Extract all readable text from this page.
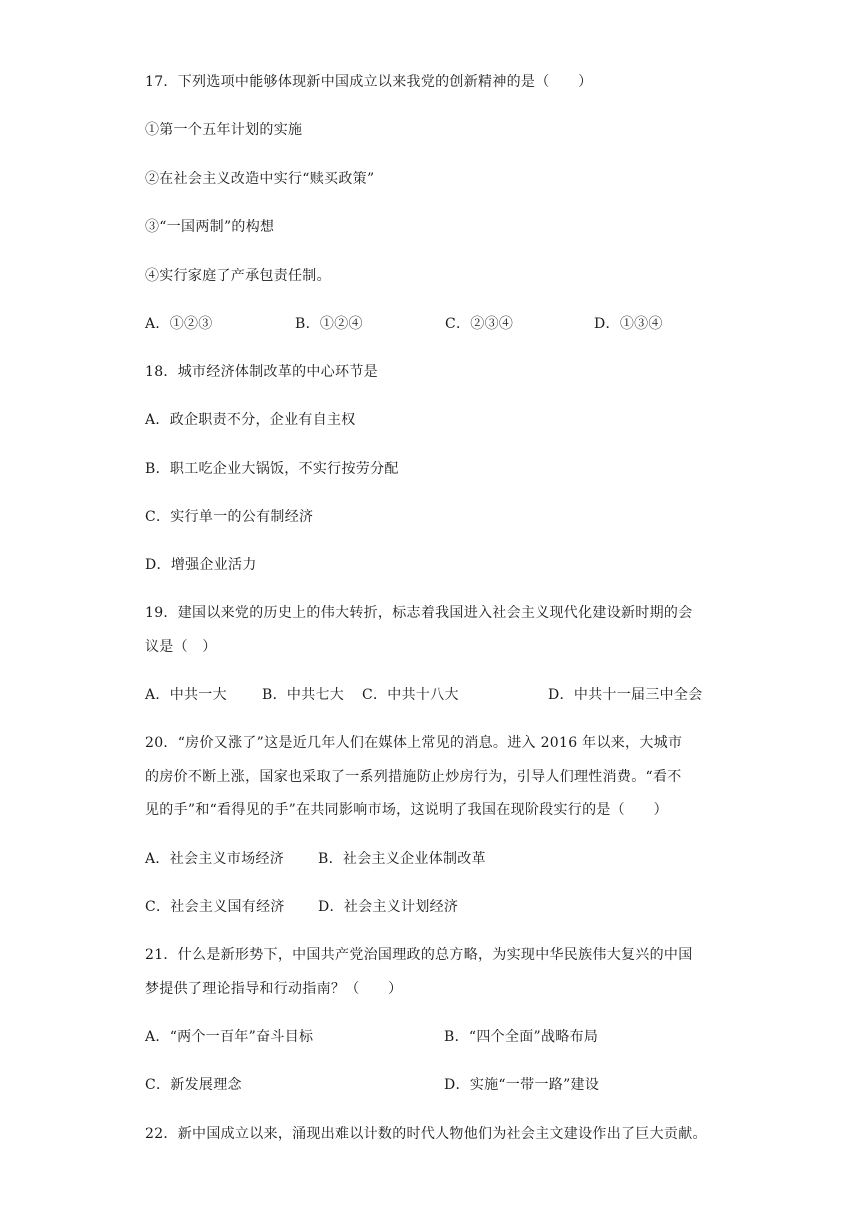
17．下列选项中能够体现新中国成立以来我党的创新精神的是（　　）
①第一个五年计划的实施
②在社会主义改造中实行“赎买政策”
③“一国两制”的构想
④实行家庭了产承包责任制。
A．①②③	B．①②④	C．②③④	D．①③④
18．城市经济体制改革的中心环节是
A．政企职责不分，企业有自主权
B．职工吃企业大锅饭，不实行按劳分配
C．实行单一的公有制经济
D．增强企业活力
19．建国以来党的历史上的伟大转折，标志着我国进入社会主义现代化建设新时期的会
议是（　）
A．中共一大	B．中共七大 C．中共十八大	D．中共十一届三中全会
20．“房价又涨了”这是近几年人们在媒体上常见的消息。进入 2016 年以来，大城市
的房价不断上涨，国家也采取了一系列措施防止炒房行为，引导人们理性消费。“看不
见的手”和“看得见的手”在共同影响市场，这说明了我国在现阶段实行的是（　　）
A．社会主义市场经济 B．社会主义企业体制改革
C．社会主义国有经济 D．社会主义计划经济
21．什么是新形势下，中国共产党治国理政的总方略，为实现中华民族伟大复兴的中国
梦提供了理论指导和行动指南？（　　）
A．“两个一百年”奋斗目标	B．“四个全面”战略布局
C．新发展理念	D．实施“一带一路”建设
22．新中国成立以来，涌现出难以计数的时代人物他们为社会主文建设作出了巨大贡献。
